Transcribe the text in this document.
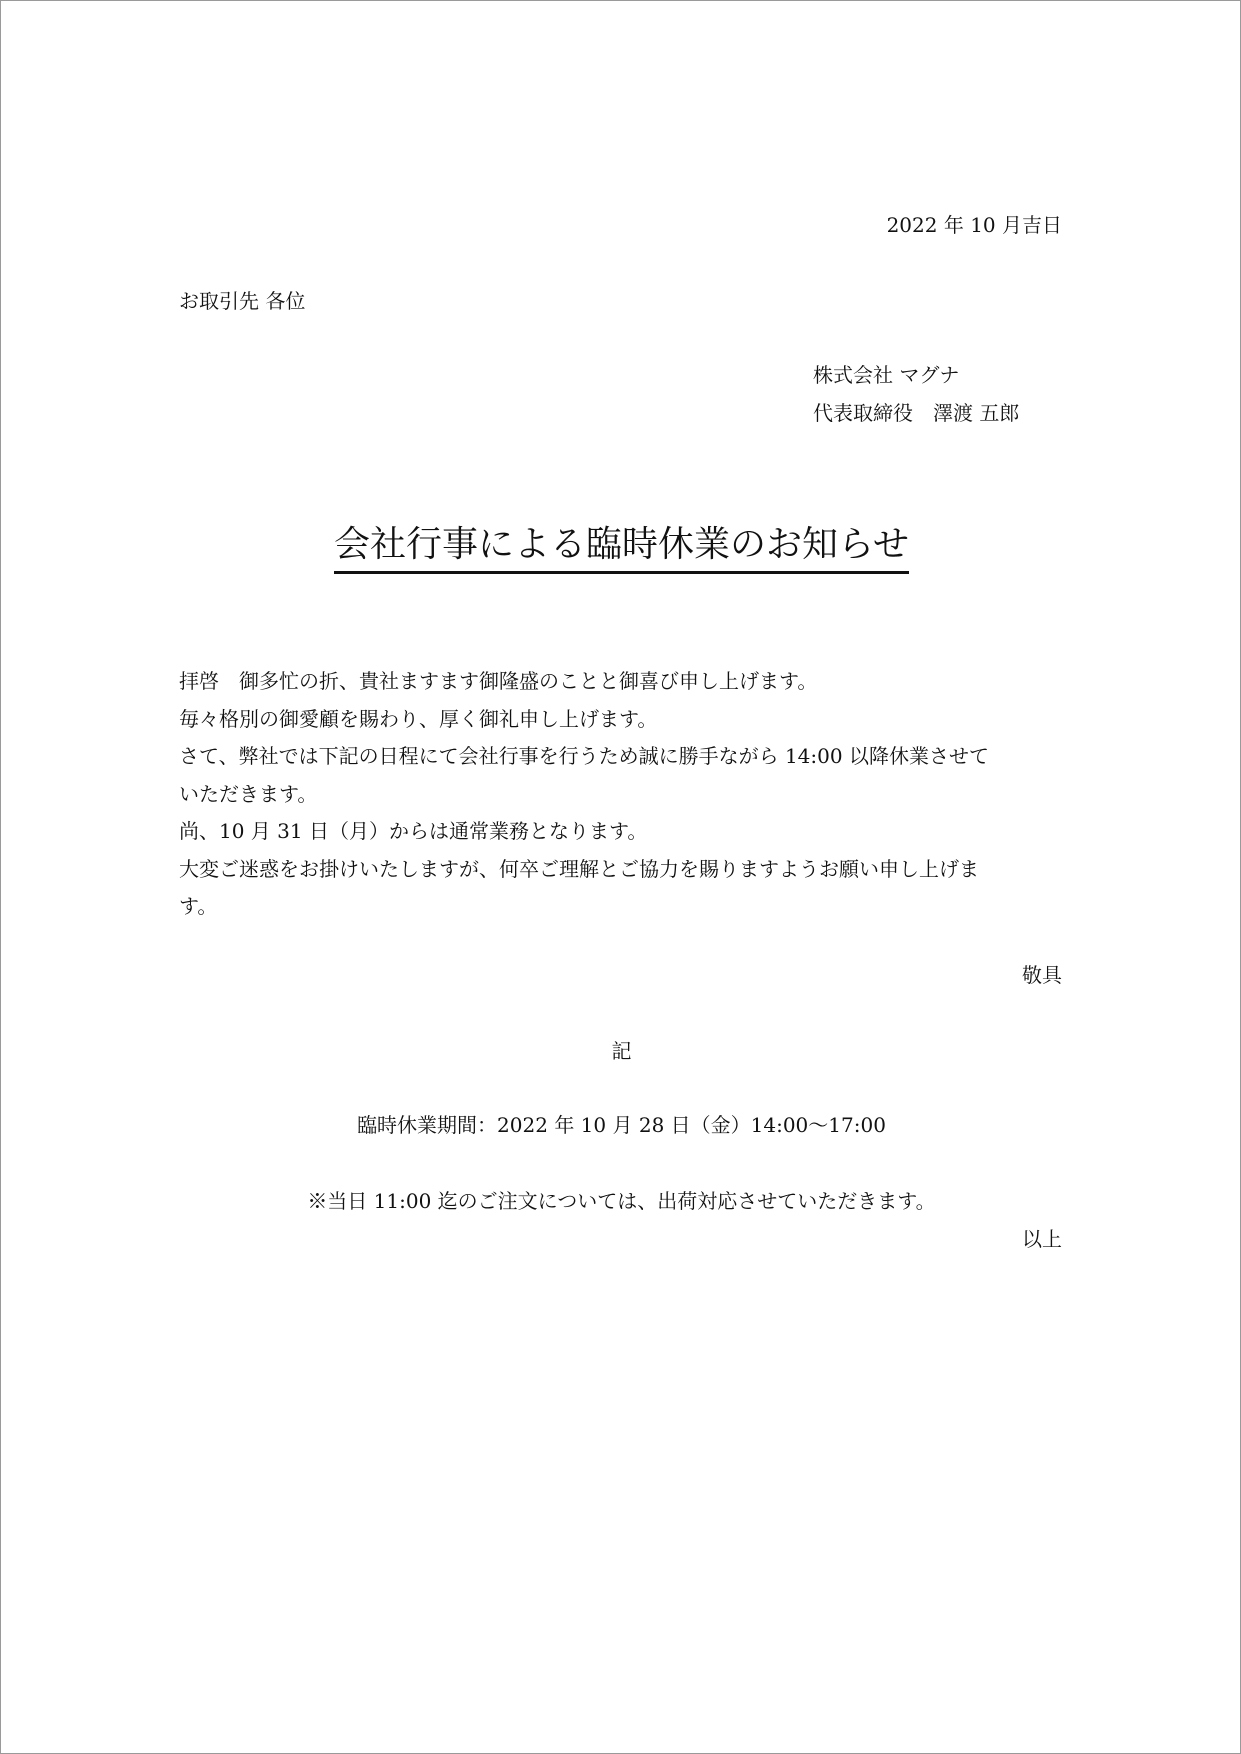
2022 年 10 月吉日
お取引先 各位
株式会社 マグナ
代表取締役　澤渡 五郎
会社行事による臨時休業のお知らせ

拝啓　御多忙の折、貴社ますます御隆盛のことと御喜び申し上げます。

毎々格別の御愛顧を賜わり、厚く御礼申し上げます。

さて、弊社では下記の日程にて会社行事を行うため誠に勝手ながら 14:00 以降休業させて

いただきます。

尚、10 月 31 日（月）からは通常業務となります。

大変ご迷惑をお掛けいたしますが、何卒ご理解とご協力を賜りますようお願い申し上げま

す。

敬具
記
臨時休業期間：2022 年 10 月 28 日（金）14:00～17:00
※当日 11:00 迄のご注文については、出荷対応させていただきます。
以上
